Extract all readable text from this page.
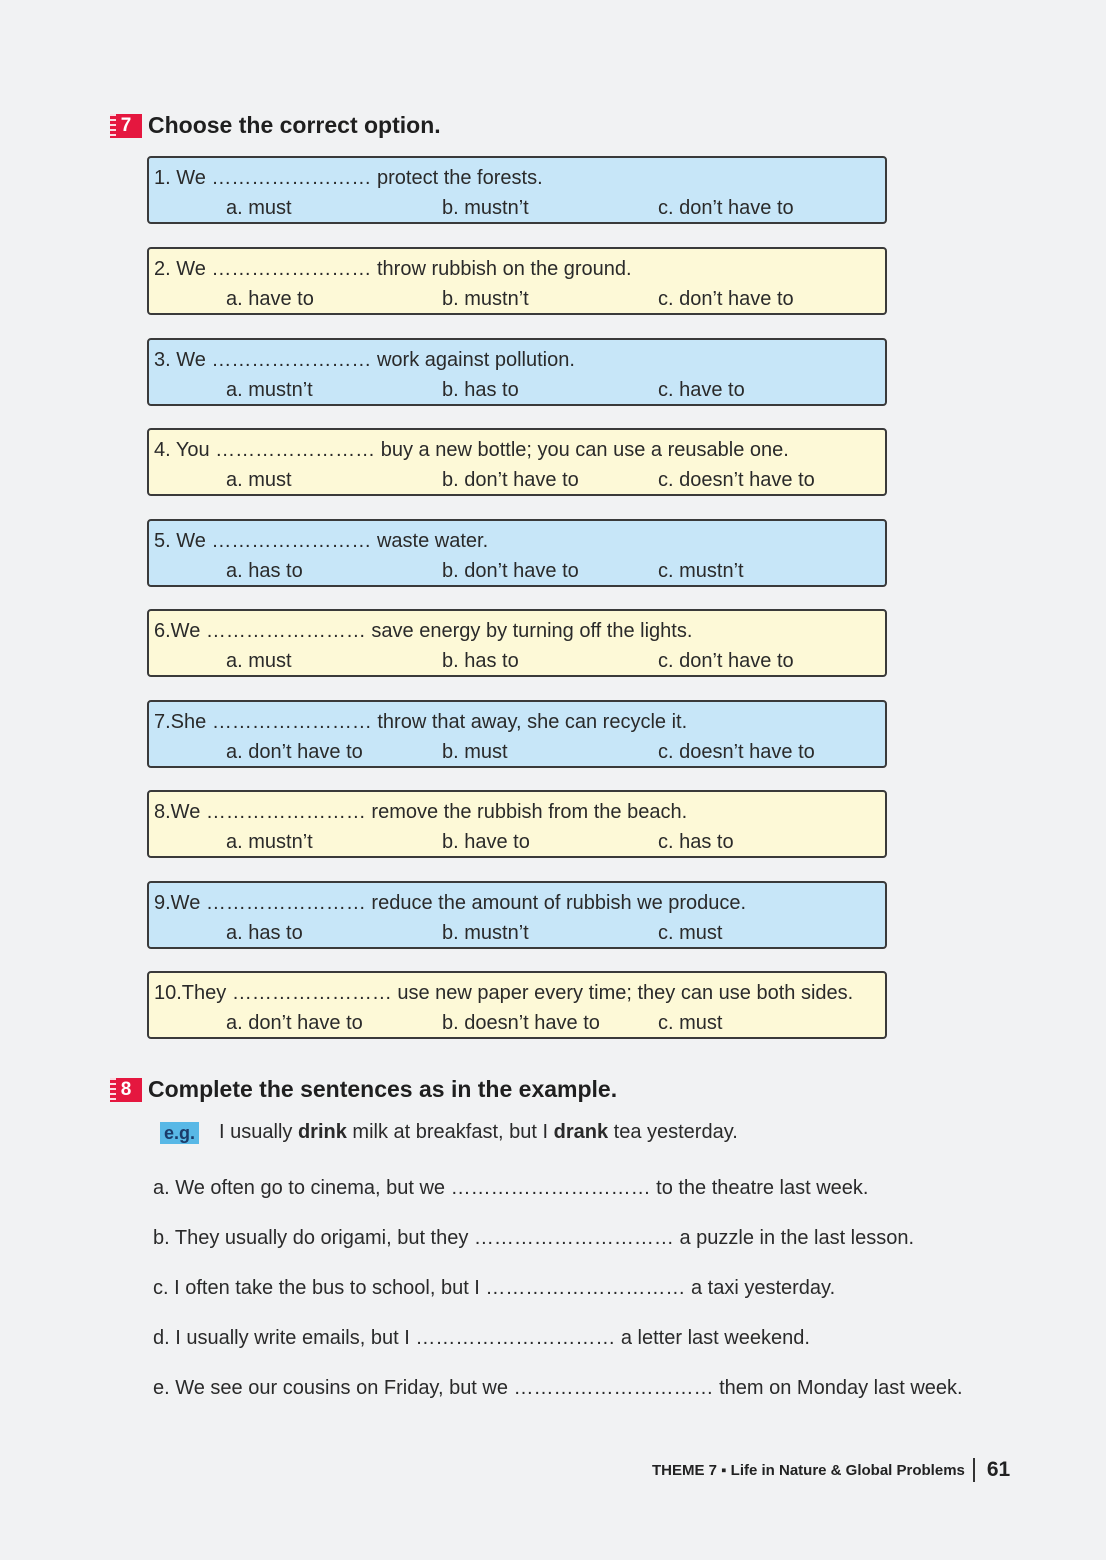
7 Choose the correct option.
1. We …………………… protect the forests.
a. must	b. mustn’t	c. don’t have to
2. We …………………… throw rubbish on the ground.
a. have to	b. mustn’t	c. don’t have to
3. We …………………… work against pollution.
a. mustn’t	b. has to	c. have to
4. You …………………… buy a new bottle; you can use a reusable one.
a. must	b. don’t have to	c. doesn’t have to
5. We …………………… waste water.
a. has to	b. don’t have to	c. mustn’t
6.We …………………… save energy by turning off the lights.
a. must	b. has to	c. don’t have to
7.She …………………… throw that away, she can recycle it.
a. don’t have to	b. must	c. doesn’t have to
8.We …………………… remove the rubbish from the beach.
a. mustn’t	b. have to	c. has to
9.We …………………… reduce the amount of rubbish we produce.
a. has to	b. mustn’t	c. must
10.They …………………… use new paper every time; they can use both sides.
a. don’t have to	b. doesn’t have to	c. must
8 Complete the sentences as in the example.
e.g. I usually drink milk at breakfast, but I drank tea yesterday.
a. We often go to cinema, but we ………………………… to the theatre last week.
b. They usually do origami, but they ………………………… a puzzle in the last lesson.
c. I often take the bus to school, but I ………………………… a taxi yesterday.
d. I usually write emails, but I ………………………… a letter last weekend.
e. We see our cousins on Friday, but we ………………………… them on Monday last week.
THEME 7 ▪ Life in Nature & Global Problems 61
